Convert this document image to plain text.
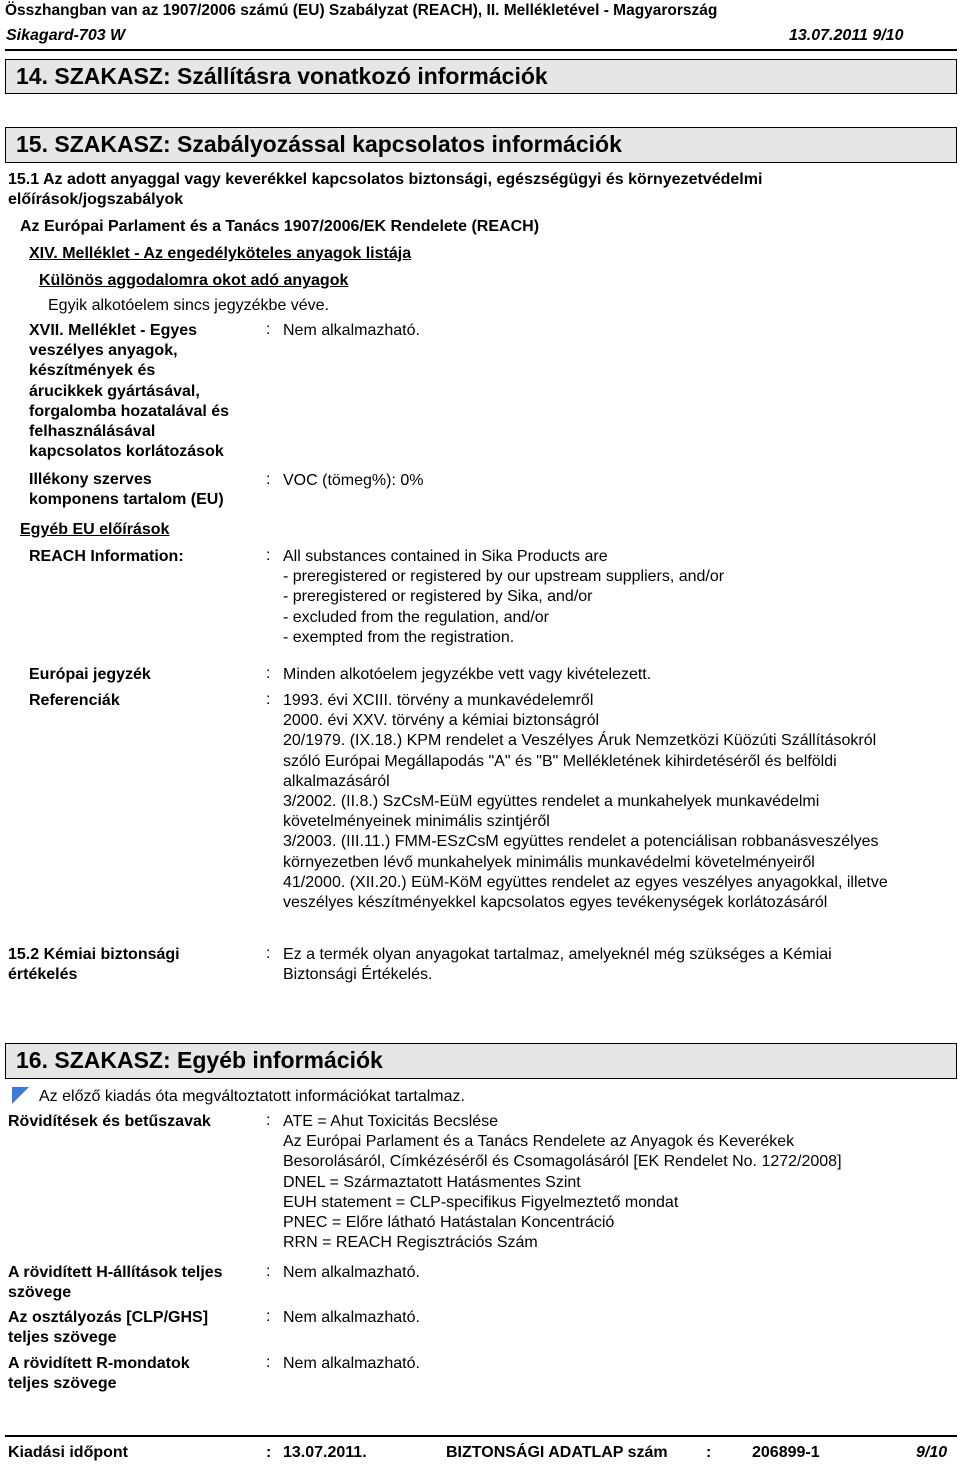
Összhangban van az 1907/2006 számú (EU) Szabályzat (REACH), II. Mellékletével - Magyarország
Sikagard-703 W	13.07.2011 9/10
14. SZAKASZ: Szállításra vonatkozó információk
15. SZAKASZ: Szabályozással kapcsolatos információk
15.1 Az adott anyaggal vagy keverékkel kapcsolatos biztonsági, egészségügyi és környezetvédelmi
előírások/jogszabályok
Az Európai Parlament és a Tanács 1907/2006/EK Rendelete (REACH)
XIV. Melléklet - Az engedélyköteles anyagok listája
Különös aggodalomra okot adó anyagok
Egyik alkotóelem sincs jegyzékbe véve.
XVII. Melléklet - Egyes
veszélyes anyagok,
készítmények és
árucikkek gyártásával,
forgalomba hozatalával és
felhasználásával
kapcsolatos korlátozások
: Nem alkalmazható.
Illékony szerves
komponens tartalom (EU)
: VOC (tömeg%): 0%
Egyéb EU előírások
REACH Information:	: All substances contained in Sika Products are
- preregistered or registered by our upstream suppliers, and/or
- preregistered or registered by Sika, and/or
- excluded from the regulation, and/or
- exempted from the registration.
Európai jegyzék	: Minden alkotóelem jegyzékbe vett vagy kivételezett.
Referenciák	: 1993. évi XCIII. törvény a munkavédelemről
2000. évi XXV. törvény a kémiai biztonságról
20/1979. (IX.18.) KPM rendelet a Veszélyes Áruk Nemzetközi Küözúti Szállításokról
szóló Európai Megállapodás "A" és "B" Mellékletének kihirdetéséről és belföldi
alkalmazásáról
3/2002. (II.8.) SzCsM-EüM együttes rendelet a munkahelyek munkavédelmi
követelményeinek minimális szintjéről
3/2003. (III.11.) FMM-ESzCsM együttes rendelet a potenciálisan robbanásveszélyes
környezetben lévő munkahelyek minimális munkavédelmi követelményeiről
41/2000. (XII.20.) EüM-KöM együttes rendelet az egyes veszélyes anyagokkal, illetve
veszélyes készítményekkel kapcsolatos egyes tevékenységek korlátozásáról
15.2 Kémiai biztonsági
értékelés
: Ez a termék olyan anyagokat tartalmaz, amelyeknél még szükséges a Kémiai
Biztonsági Értékelés.
16. SZAKASZ: Egyéb információk
Az előző kiadás óta megváltoztatott információkat tartalmaz.
Rövidítések és betűszavak	: ATE = Ahut Toxicitás Becslése
Az Európai Parlament és a Tanács Rendelete az Anyagok és Keverékek
Besorolásáról, Címkézéséről és Csomagolásáról [EK Rendelet No. 1272/2008]
DNEL = Származtatott Hatásmentes Szint
EUH statement = CLP-specifikus Figyelmeztető mondat
PNEC = Előre látható Hatástalan Koncentráció
RRN = REACH Regisztrációs Szám
A rövidített H-állítások teljes
szövege
: Nem alkalmazható.
Az osztályozás [CLP/GHS]
teljes szövege
: Nem alkalmazható.
A rövidített R-mondatok
teljes szövege
: Nem alkalmazható.
Kiadási időpont	: 13.07.2011.	BIZTONSÁGI ADATLAP szám :	206899-1	9/10
